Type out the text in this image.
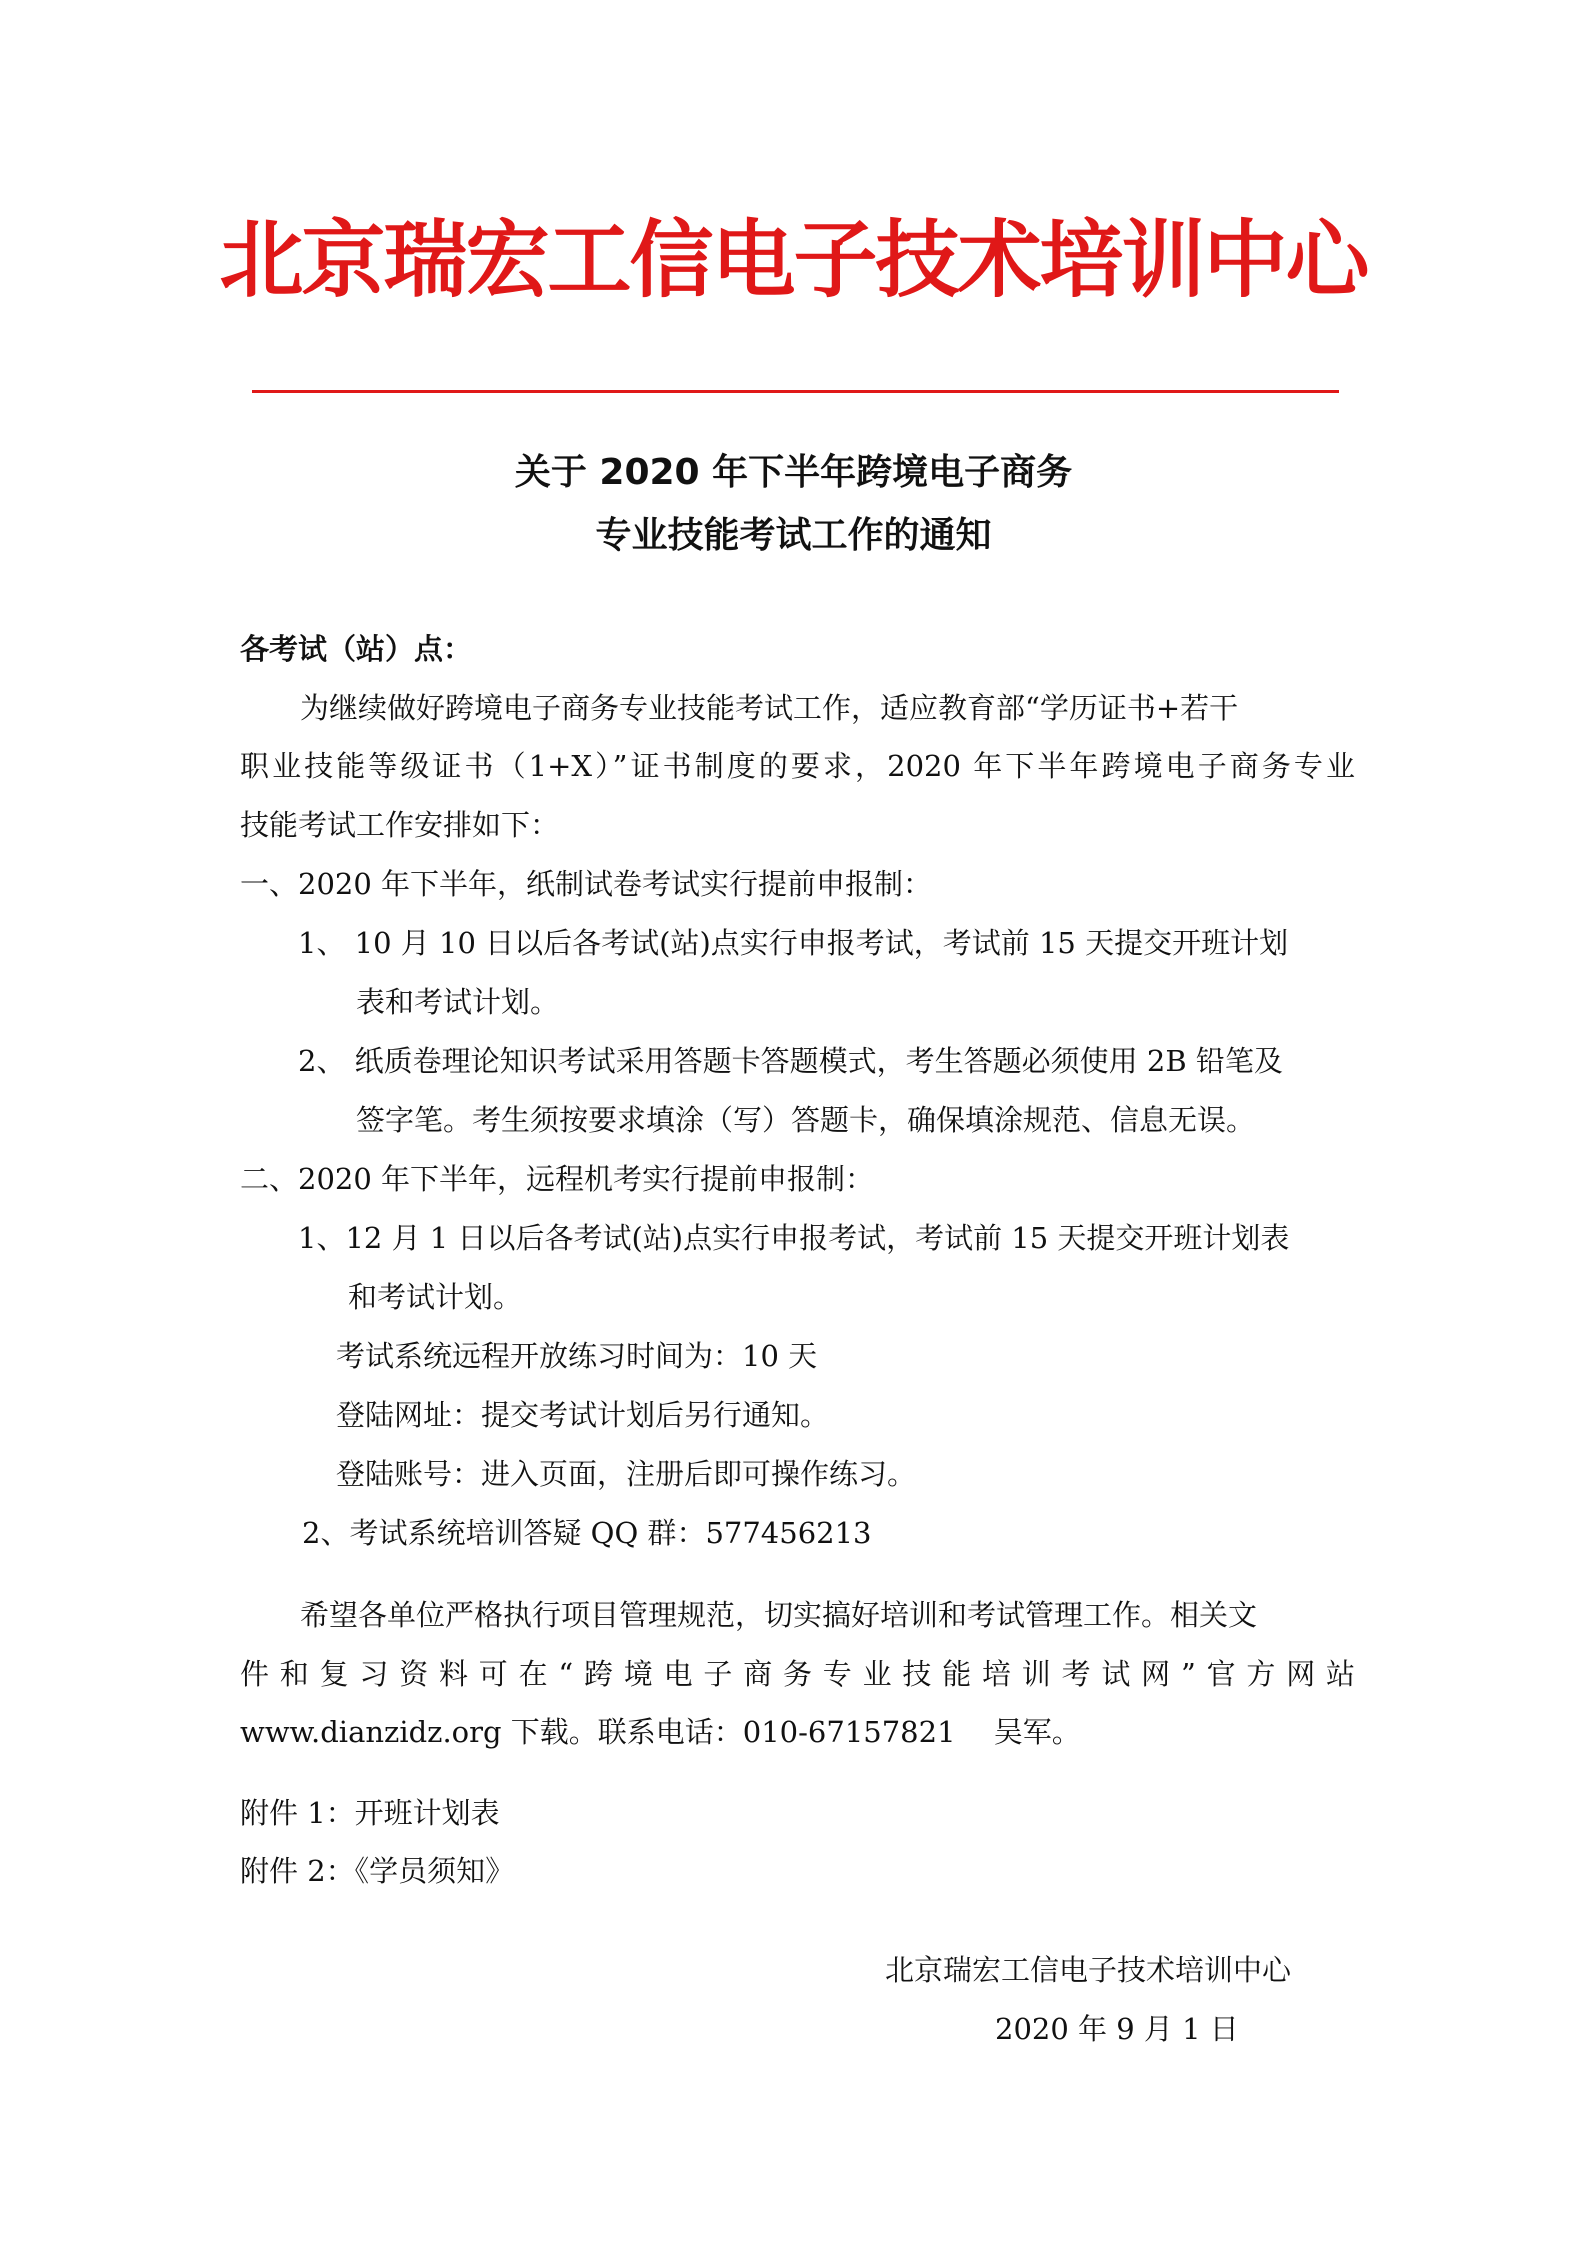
北京瑞宏工信电子技术培训中心
关于 2020 年下半年跨境电子商务
专业技能考试工作的通知
各考试（站）点：
为继续做好跨境电子商务专业技能考试工作，适应教育部“学历证书+若干
职业技能等级证书（1+X）”证书制度的要求，2020 年下半年跨境电子商务专业
技能考试工作安排如下：
一、2020 年下半年，纸制试卷考试实行提前申报制：
1、 10 月 10 日以后各考试(站)点实行申报考试，考试前 15 天提交开班计划
表和考试计划。
2、 纸质卷理论知识考试采用答题卡答题模式，考生答题必须使用 2B 铅笔及
签字笔。考生须按要求填涂（写）答题卡，确保填涂规范、信息无误。
二、2020 年下半年，远程机考实行提前申报制：
1、12 月 1 日以后各考试(站)点实行申报考试，考试前 15 天提交开班计划表
和考试计划。
考试系统远程开放练习时间为：10 天
登陆网址：提交考试计划后另行通知。
登陆账号：进入页面，注册后即可操作练习。
2、考试系统培训答疑 QQ 群：577456213
希望各单位严格执行项目管理规范，切实搞好培训和考试管理工作。相关文
件和复习资料可在“跨境电子商务专业技能培训考试网”官方网站
www.dianzidz.org 下载。联系电话：010-67157821　 吴军。
附件 1：开班计划表
附件 2：《学员须知》
北京瑞宏工信电子技术培训中心
2020 年 9 月 1 日
